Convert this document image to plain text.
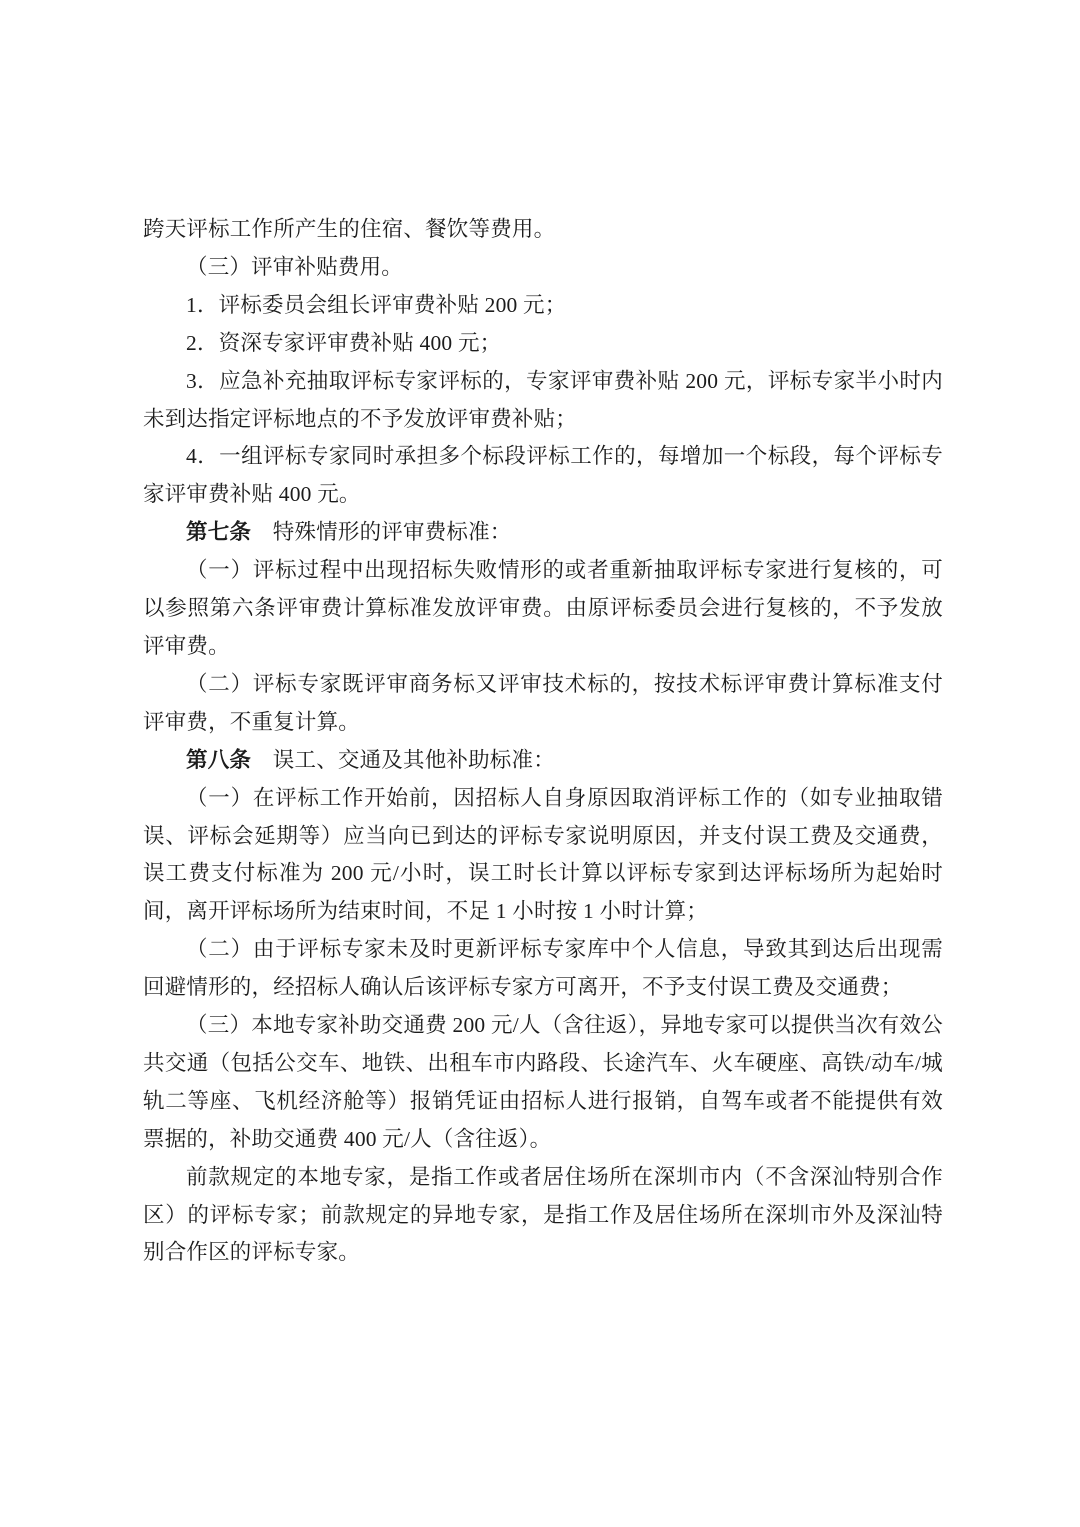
跨天评标工作所产生的住宿、餐饮等费用。

（三）评审补贴费用。

1．评标委员会组长评审费补贴 200 元；

2．资深专家评审费补贴 400 元；

3．应急补充抽取评标专家评标的，专家评审费补贴 200 元，评标专家半小时内未到达指定评标地点的不予发放评审费补贴；

4．一组评标专家同时承担多个标段评标工作的，每增加一个标段，每个评标专家评审费补贴 400 元。

第七条　特殊情形的评审费标准：

（一）评标过程中出现招标失败情形的或者重新抽取评标专家进行复核的，可以参照第六条评审费计算标准发放评审费。由原评标委员会进行复核的，不予发放评审费。

（二）评标专家既评审商务标又评审技术标的，按技术标评审费计算标准支付评审费，不重复计算。

第八条　误工、交通及其他补助标准：

（一）在评标工作开始前，因招标人自身原因取消评标工作的（如专业抽取错误、评标会延期等）应当向已到达的评标专家说明原因，并支付误工费及交通费，误工费支付标准为 200 元/小时，误工时长计算以评标专家到达评标场所为起始时间，离开评标场所为结束时间，不足 1 小时按 1 小时计算；

（二）由于评标专家未及时更新评标专家库中个人信息，导致其到达后出现需回避情形的，经招标人确认后该评标专家方可离开，不予支付误工费及交通费；

（三）本地专家补助交通费 200 元/人（含往返），异地专家可以提供当次有效公共交通（包括公交车、地铁、出租车市内路段、长途汽车、火车硬座、高铁/动车/城轨二等座、飞机经济舱等）报销凭证由招标人进行报销，自驾车或者不能提供有效票据的，补助交通费 400 元/人（含往返）。

前款规定的本地专家，是指工作或者居住场所在深圳市内（不含深汕特别合作区）的评标专家；前款规定的异地专家，是指工作及居住场所在深圳市外及深汕特别合作区的评标专家。
